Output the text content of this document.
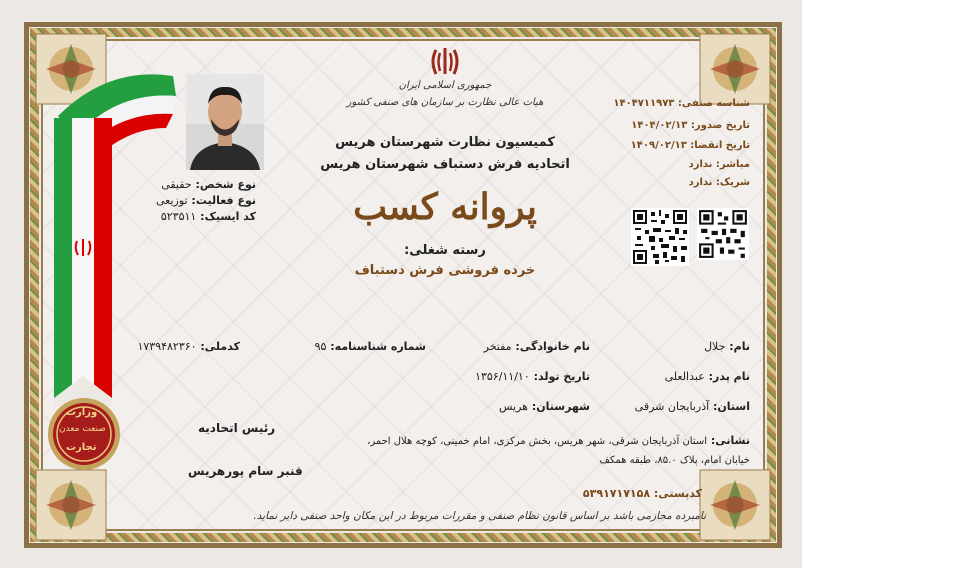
وزارت
صنعت معدن
تجارت
نوع شخص: حقیقی
نوع فعالیت: توزیعی
کد ایسیک: ۵۲۳۵۱۱
جمهوری اسلامی ایران
هیات عالی نظارت بر سازمان های صنفی کشور
کمیسیون نظارت شهرستان هریس
اتحادیه فرش دستباف شهرستان هریس
پروانه کسب
رسته شغلی:
خرده فروشی فرش دستباف
شناسه صنفی: ۱۴۰۴۷۱۱۹۷۳
تاریخ صدور: ۱۴۰۴/۰۲/۱۳
تاریخ انقضا: ۱۴۰۹/۰۲/۱۳
مباشر: ندارد
شریک: ندارد
نام: جلال
نام خانوادگی: مفتخر
شماره شناسنامه: ۹۵
کدملی: ۱۷۳۹۴۸۲۳۶۰
نام پدر: عبدالعلی
تاریخ تولد: ۱۳۵۶/۱۱/۱۰
استان: آذربایجان شرقی
شهرستان: هریس
نشانی: استان آذربایجان شرقی، شهر هریس، بخش مرکزی، امام خمینی، کوچه هلال احمر،
خیابان امام، پلاک ۸۵.۰، طبقه همکف
کدپستی: ۵۳۹۱۷۱۷۱۵۸
رئیس اتحادیه
قنبر سام پورهریس
نامبرده مجازمی باشد بر اساس قانون نظام صنفی و مقررات مربوط در این مکان واحد صنفی دایر نماید.
